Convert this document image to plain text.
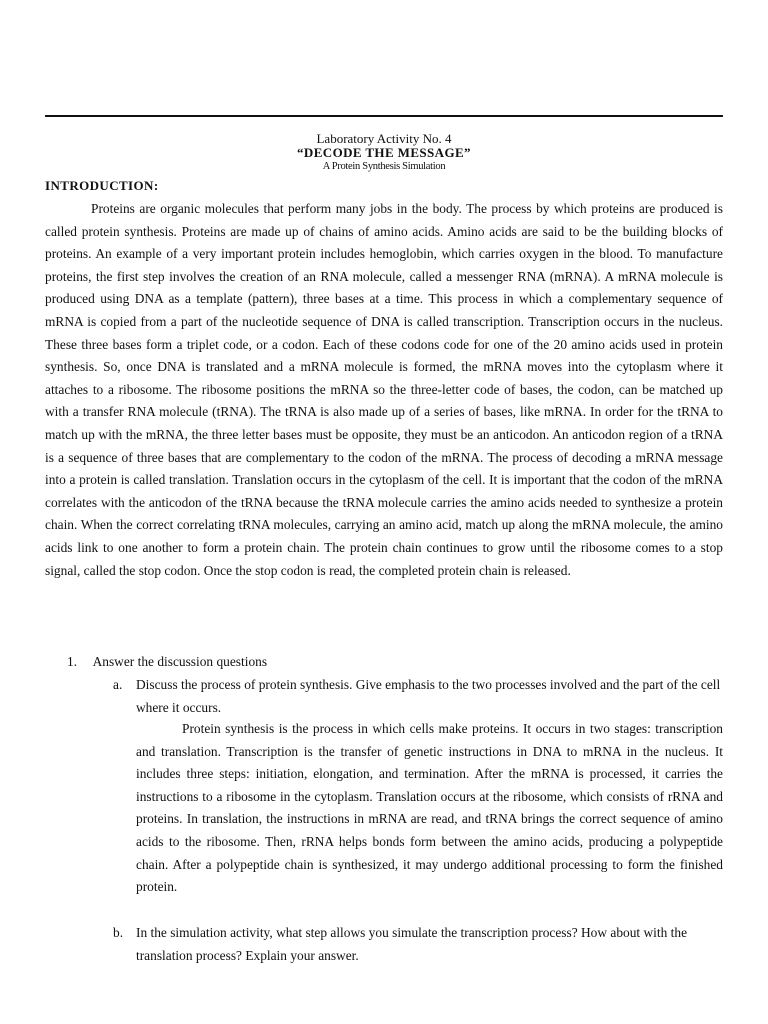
Laboratory Activity No. 4
“DECODE THE MESSAGE”
A Protein Synthesis Simulation
INTRODUCTION:
Proteins are organic molecules that perform many jobs in the body. The process by which proteins are produced is called protein synthesis. Proteins are made up of chains of amino acids. Amino acids are said to be the building blocks of proteins. An example of a very important protein includes hemoglobin, which carries oxygen in the blood. To manufacture proteins, the first step involves the creation of an RNA molecule, called a messenger RNA (mRNA). A mRNA molecule is produced using DNA as a template (pattern), three bases at a time. This process in which a complementary sequence of mRNA is copied from a part of the nucleotide sequence of DNA is called transcription. Transcription occurs in the nucleus. These three bases form a triplet code, or a codon. Each of these codons code for one of the 20 amino acids used in protein synthesis. So, once DNA is translated and a mRNA molecule is formed, the mRNA moves into the cytoplasm where it attaches to a ribosome. The ribosome positions the mRNA so the three-letter code of bases, the codon, can be matched up with a transfer RNA molecule (tRNA). The tRNA is also made up of a series of bases, like mRNA. In order for the tRNA to match up with the mRNA, the three letter bases must be opposite, they must be an anticodon. An anticodon region of a tRNA is a sequence of three bases that are complementary to the codon of the mRNA. The process of decoding a mRNA message into a protein is called translation. Translation occurs in the cytoplasm of the cell. It is important that the codon of the mRNA correlates with the anticodon of the tRNA because the tRNA molecule carries the amino acids needed to synthesize a protein chain. When the correct correlating tRNA molecules, carrying an amino acid, match up along the mRNA molecule, the amino acids link to one another to form a protein chain. The protein chain continues to grow until the ribosome comes to a stop signal, called the stop codon. Once the stop codon is read, the completed protein chain is released.
1. Answer the discussion questions
a. Discuss the process of protein synthesis. Give emphasis to the two processes involved and the part of the cell where it occurs.
Protein synthesis is the process in which cells make proteins. It occurs in two stages: transcription and translation. Transcription is the transfer of genetic instructions in DNA to mRNA in the nucleus. It includes three steps: initiation, elongation, and termination. After the mRNA is processed, it carries the instructions to a ribosome in the cytoplasm. Translation occurs at the ribosome, which consists of rRNA and proteins. In translation, the instructions in mRNA are read, and tRNA brings the correct sequence of amino acids to the ribosome. Then, rRNA helps bonds form between the amino acids, producing a polypeptide chain. After a polypeptide chain is synthesized, it may undergo additional processing to form the finished protein.
b. In the simulation activity, what step allows you simulate the transcription process? How about with the translation process? Explain your answer.
